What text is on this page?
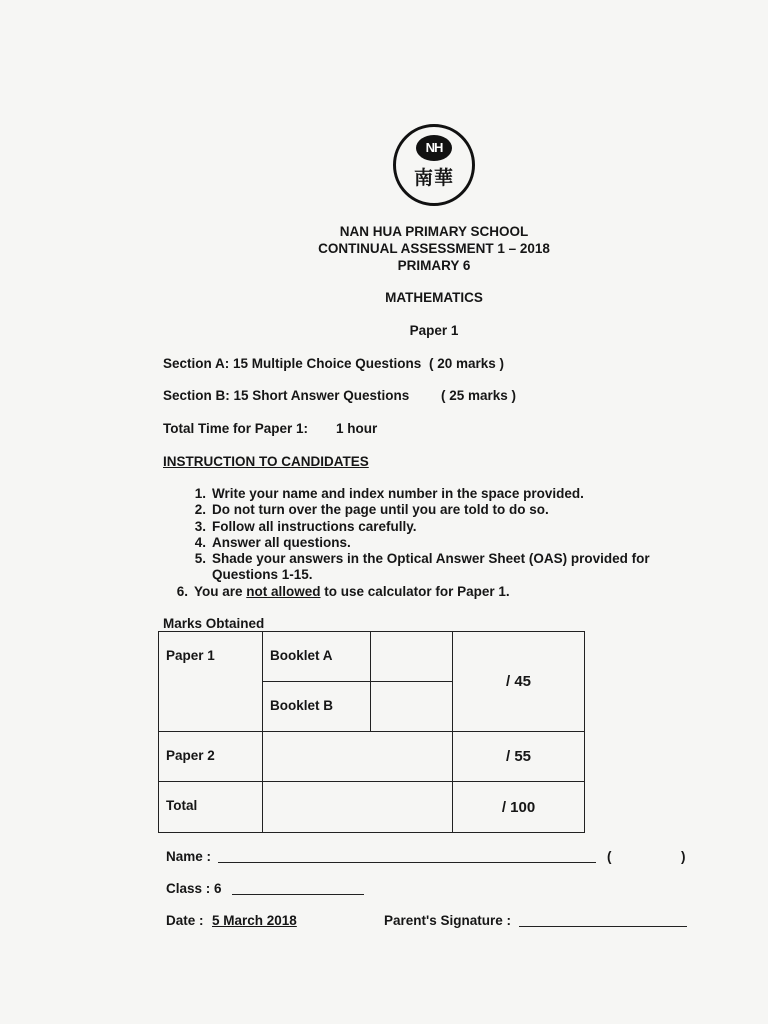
NH
南華
NAN HUA PRIMARY SCHOOL
CONTINUAL ASSESSMENT 1 – 2018
PRIMARY 6
MATHEMATICS
Paper 1
Section A: 15 Multiple Choice Questions ( 20 marks )
Section B: 15 Short Answer Questions ( 25 marks )
Total Time for Paper 1: 1 hour
INSTRUCTION TO CANDIDATES
1. Write your name and index number in the space provided.
2. Do not turn over the page until you are told to do so.
3. Follow all instructions carefully.
4. Answer all questions.
5. Shade your answers in the Optical Answer Sheet (OAS) provided for Questions 1-15.
6. You are not allowed to use calculator for Paper 1.
Marks Obtained
Paper 1	Booklet A		/ 45

	Booklet B		

Paper 2			/ 55

Total			/ 100
Name :	(	)
Class : 6
Date : 5 March 2018	Parent's Signature :
